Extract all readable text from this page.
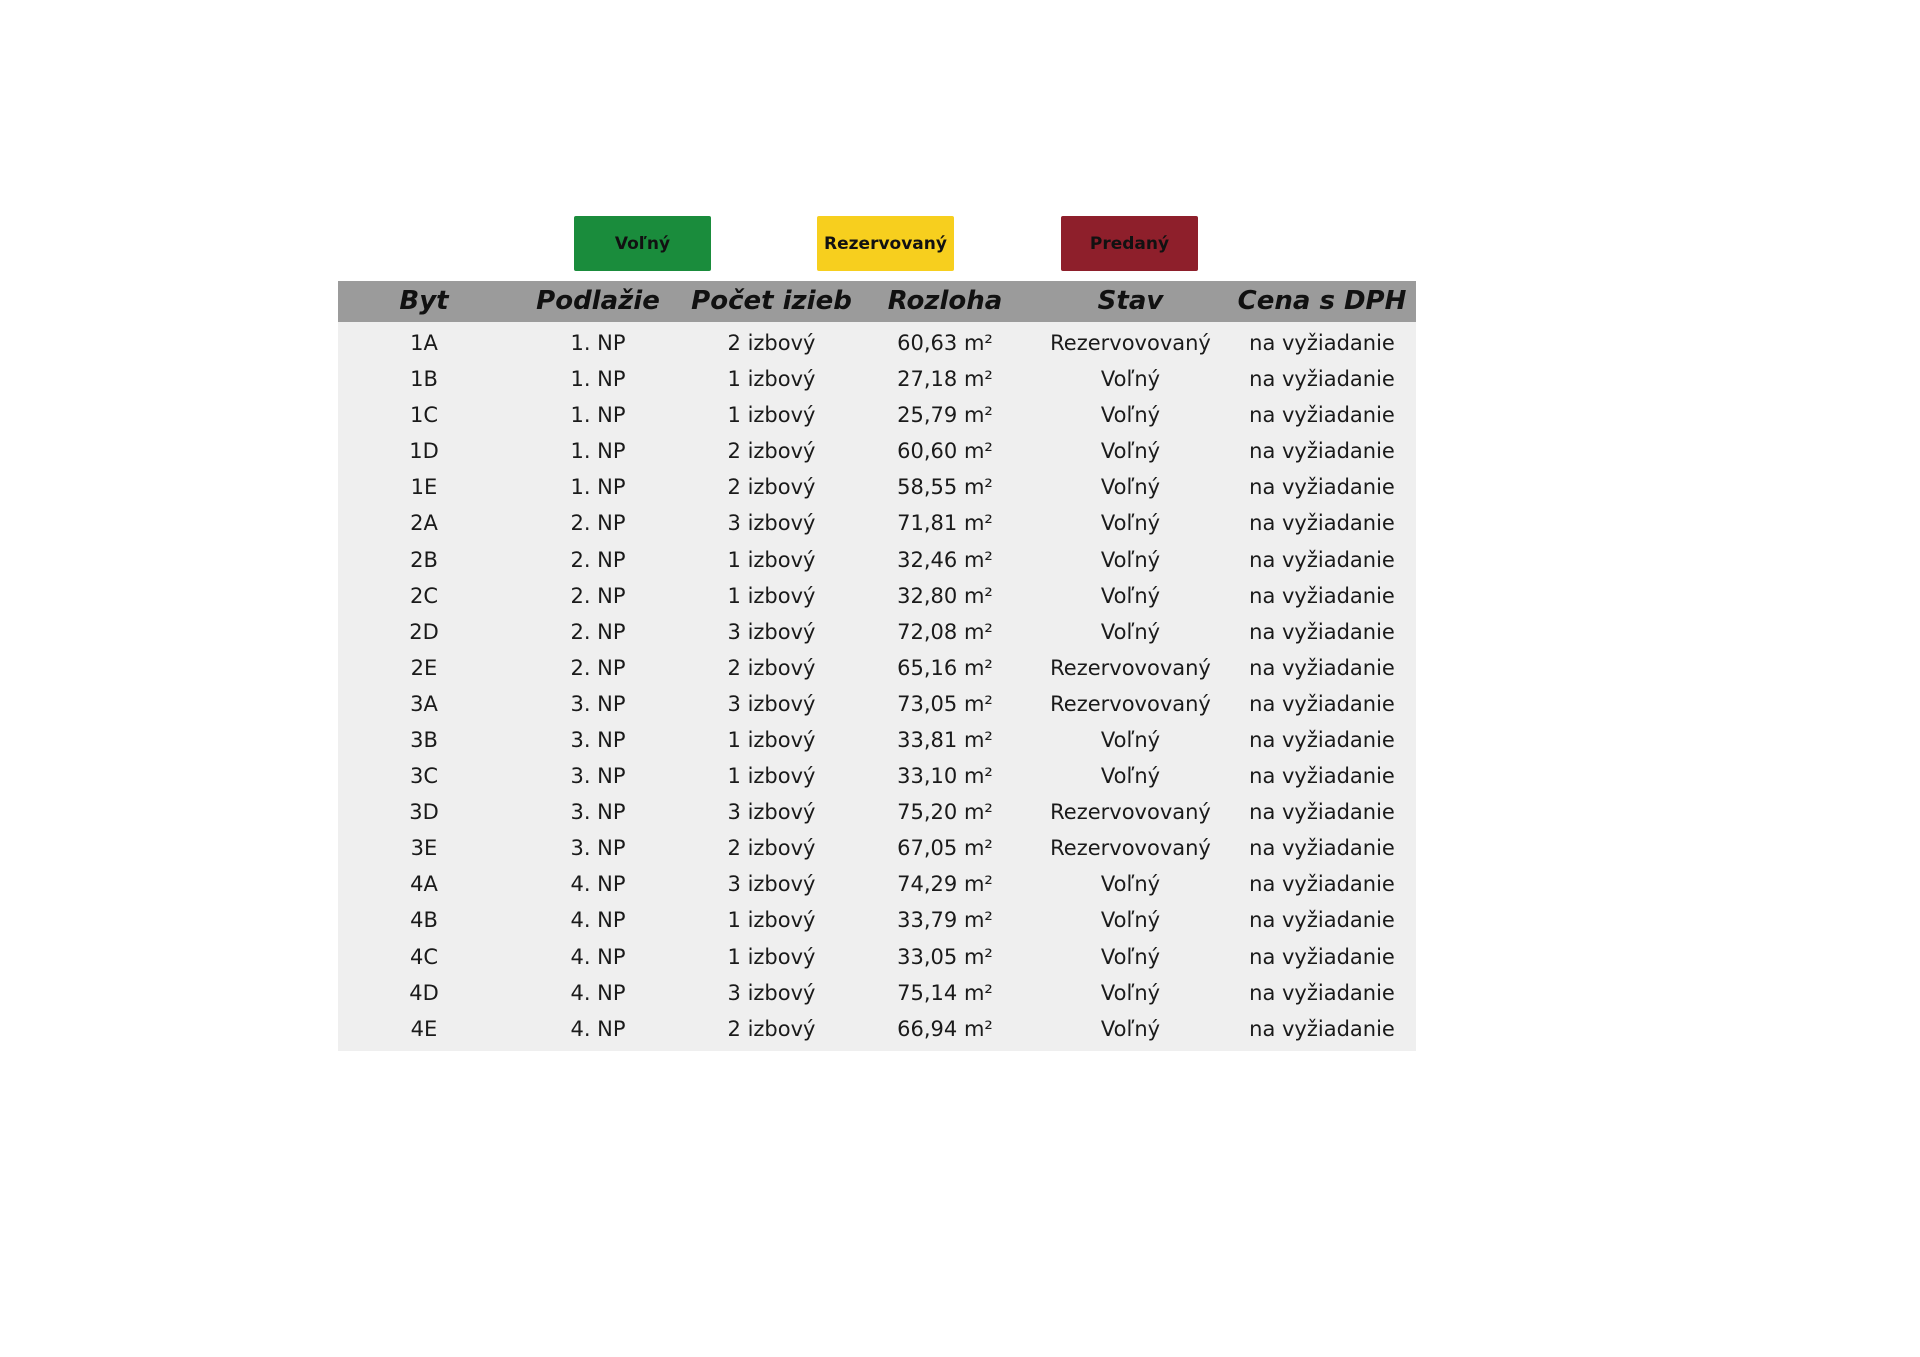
Voľný	Rezervovaný	Predaný
Byt	Podlažie	Počet izieb	Rozloha	Stav	Cena s DPH
1A	1. NP	2 izbový	60,63 m²	Rezervovovaný	na vyžiadanie
1B	1. NP	1 izbový	27,18 m²	Voľný	na vyžiadanie
1C	1. NP	1 izbový	25,79 m²	Voľný	na vyžiadanie
1D	1. NP	2 izbový	60,60 m²	Voľný	na vyžiadanie
1E	1. NP	2 izbový	58,55 m²	Voľný	na vyžiadanie
2A	2. NP	3 izbový	71,81 m²	Voľný	na vyžiadanie
2B	2. NP	1 izbový	32,46 m²	Voľný	na vyžiadanie
2C	2. NP	1 izbový	32,80 m²	Voľný	na vyžiadanie
2D	2. NP	3 izbový	72,08 m²	Voľný	na vyžiadanie
2E	2. NP	2 izbový	65,16 m²	Rezervovovaný	na vyžiadanie
3A	3. NP	3 izbový	73,05 m²	Rezervovovaný	na vyžiadanie
3B	3. NP	1 izbový	33,81 m²	Voľný	na vyžiadanie
3C	3. NP	1 izbový	33,10 m²	Voľný	na vyžiadanie
3D	3. NP	3 izbový	75,20 m²	Rezervovovaný	na vyžiadanie
3E	3. NP	2 izbový	67,05 m²	Rezervovovaný	na vyžiadanie
4A	4. NP	3 izbový	74,29 m²	Voľný	na vyžiadanie
4B	4. NP	1 izbový	33,79 m²	Voľný	na vyžiadanie
4C	4. NP	1 izbový	33,05 m²	Voľný	na vyžiadanie
4D	4. NP	3 izbový	75,14 m²	Voľný	na vyžiadanie
4E	4. NP	2 izbový	66,94 m²	Voľný	na vyžiadanie
